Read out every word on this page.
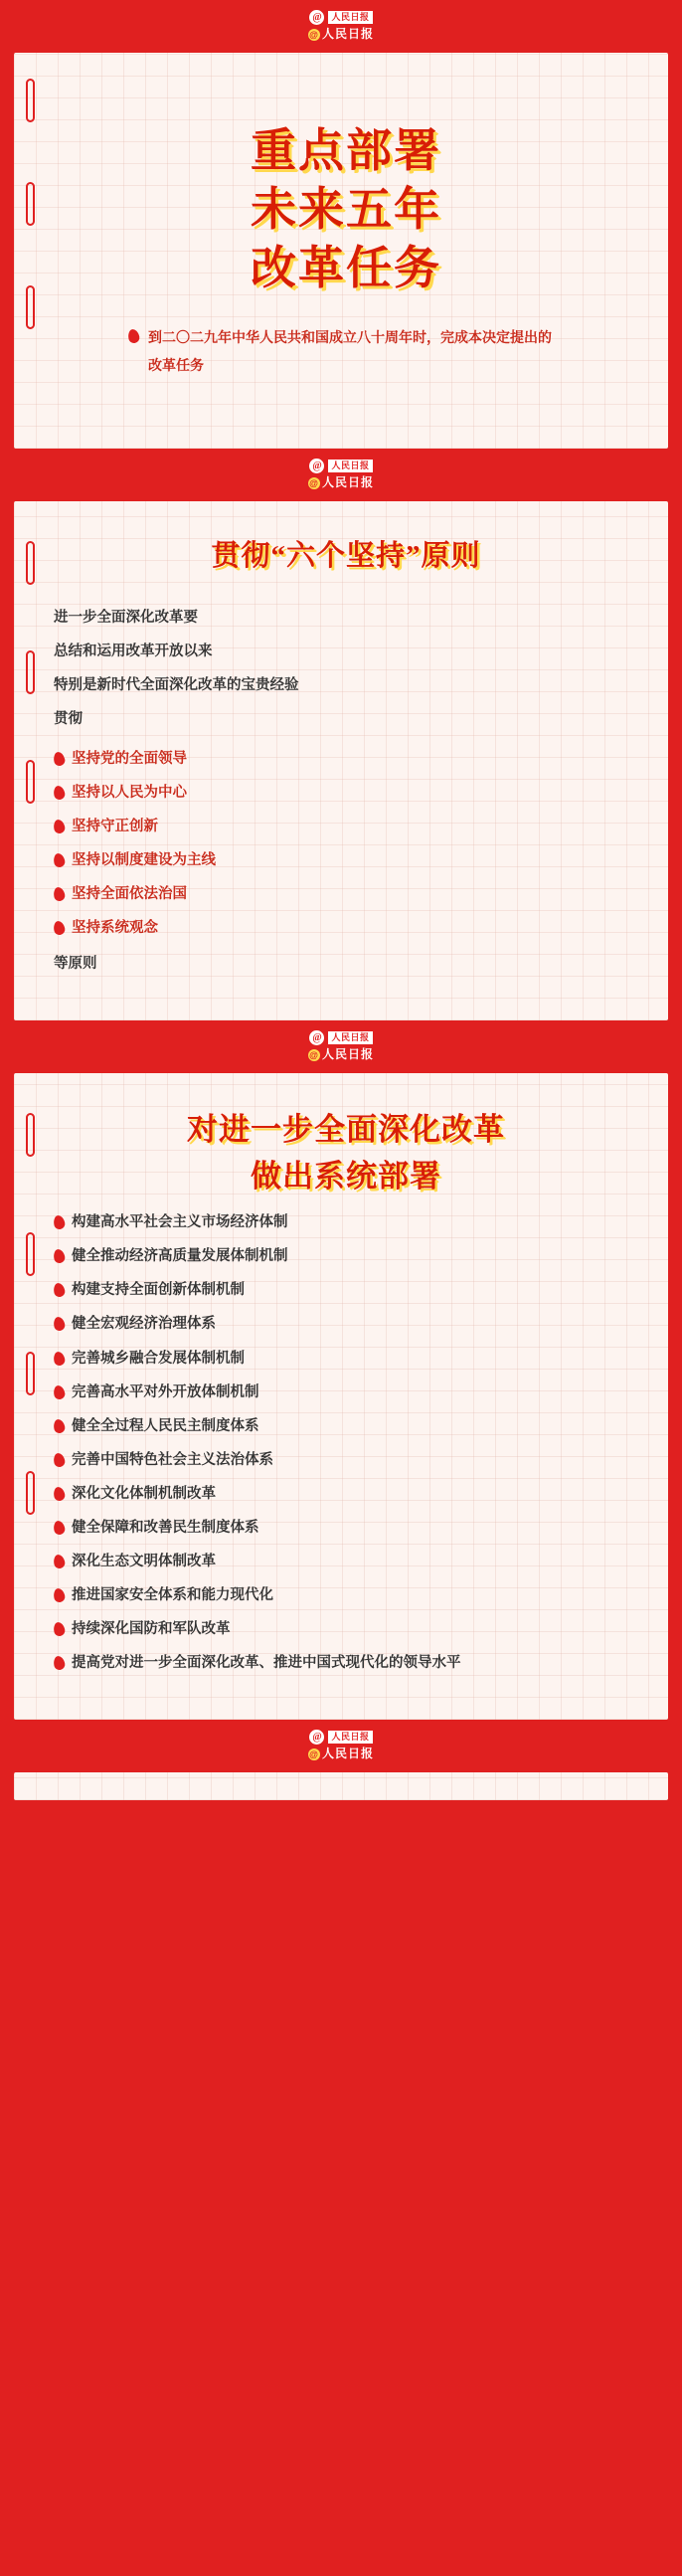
@	人民日报
@ 人民日报
重点部署
未来五年
改革任务
到二〇二九年中华人民共和国成立八十周年时，完成本决定提出的改革任务
@	人民日报
@ 人民日报
贯彻“六个坚持”原则
进一步全面深化改革要
总结和运用改革开放以来
特别是新时代全面深化改革的宝贵经验
贯彻
坚持党的全面领导
坚持以人民为中心
坚持守正创新
坚持以制度建设为主线
坚持全面依法治国
坚持系统观念
等原则
@	人民日报
@ 人民日报
对进一步全面深化改革
做出系统部署
构建高水平社会主义市场经济体制
健全推动经济高质量发展体制机制
构建支持全面创新体制机制
健全宏观经济治理体系
完善城乡融合发展体制机制
完善高水平对外开放体制机制
健全全过程人民民主制度体系
完善中国特色社会主义法治体系
深化文化体制机制改革
健全保障和改善民生制度体系
深化生态文明体制改革
推进国家安全体系和能力现代化
持续深化国防和军队改革
提高党对进一步全面深化改革、推进中国式现代化的领导水平
@	人民日报
@ 人民日报
